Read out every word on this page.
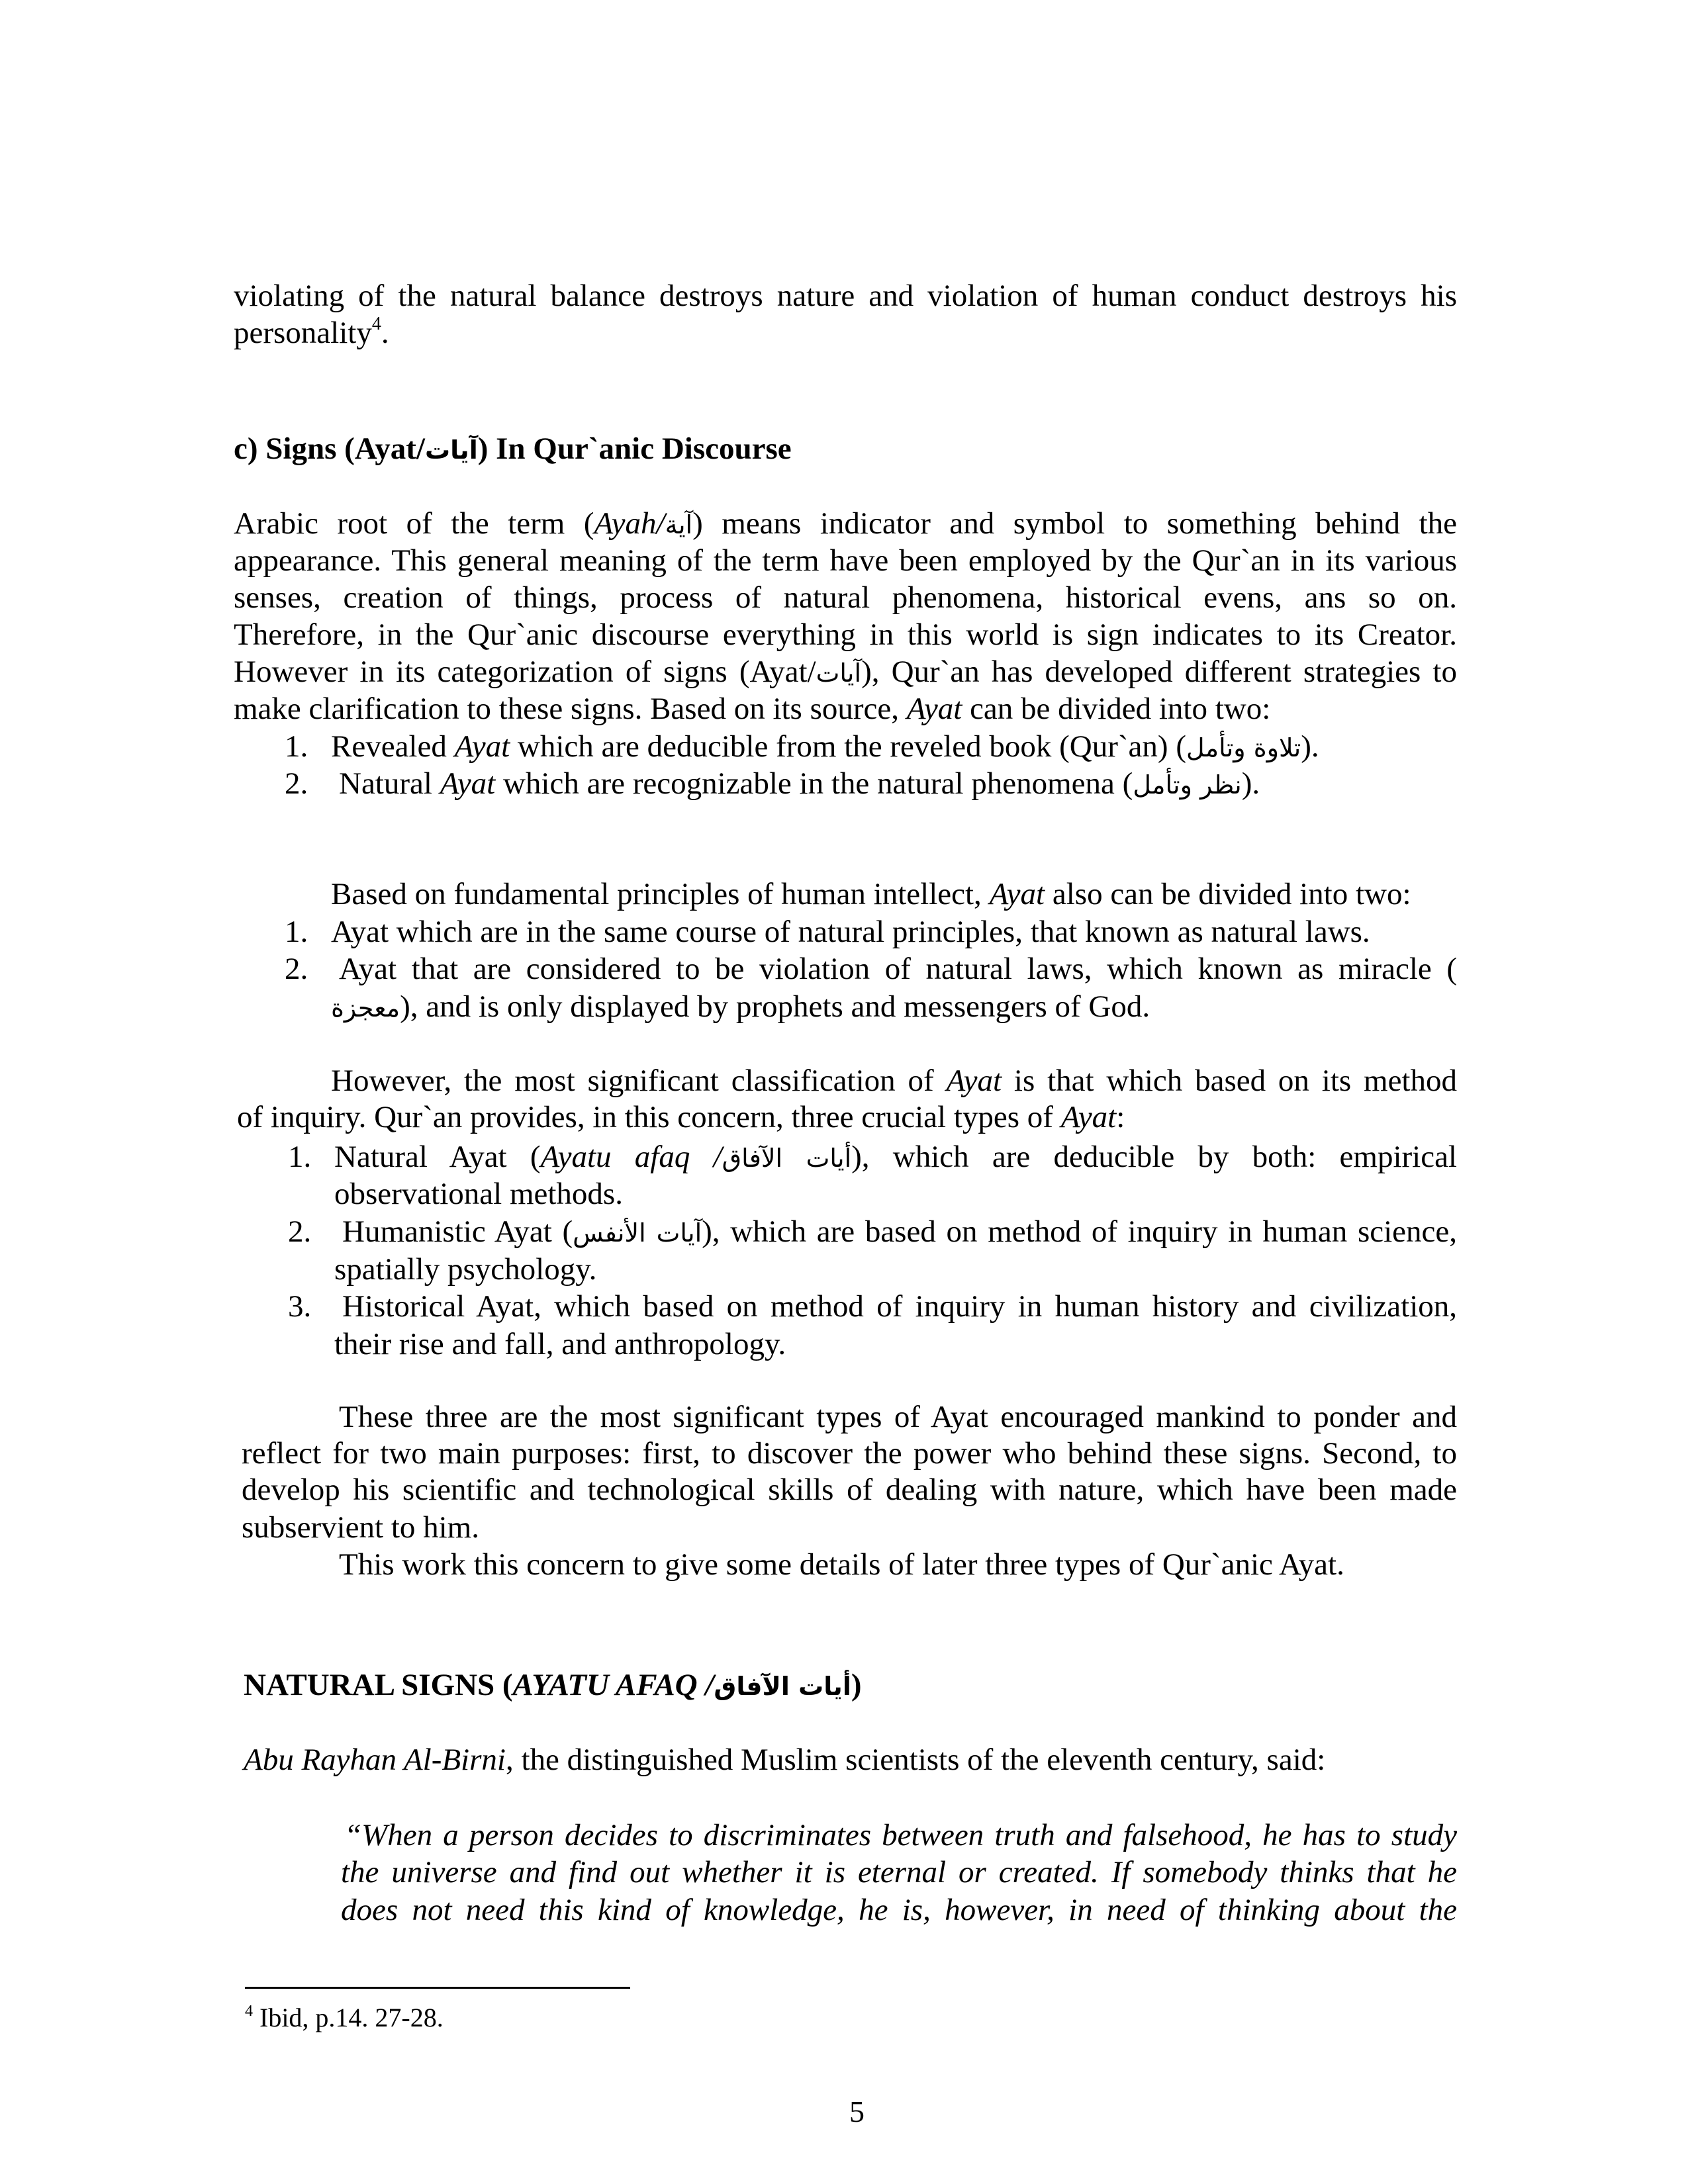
violating of the natural balance destroys nature and violation of human conduct destroys his
personality$^4$.
c) Signs (Ayat/آيات) In Qur`anic Discourse
Arabic root of the term (Ayah/آية) means indicator and symbol to something behind the
appearance. This general meaning of the term have been employed by the Qur`an in its various
senses, creation of things, process of natural phenomena, historical evens, ans so on.
Therefore, in the Qur`anic discourse everything in this world is sign indicates to its Creator.
However in its categorization of signs (Ayat/آيات), Qur`an has developed different strategies to
make clarification to these signs. Based on its source, Ayat can be divided into two:
1. Revealed Ayat which are deducible from the reveled book (Qur`an) (تلاوة وتأمل).
2. Natural Ayat which are recognizable in the natural phenomena (نظر وتأمل).
Based on fundamental principles of human intellect, Ayat also can be divided into two:
1. Ayat which are in the same course of natural principles, that known as natural laws.
2. Ayat that are considered to be violation of natural laws, which known as miracle (
معجزة), and is only displayed by prophets and messengers of God.
However, the most significant classification of Ayat is that which based on its method
of inquiry. Qur`an provides, in this concern, three crucial types of Ayat:
1. Natural Ayat (Ayatu afaq /أيات الآفاق), which are deducible by both: empirical
observational methods.
2. Humanistic Ayat (آيات الأنفس), which are based on method of inquiry in human science,
spatially psychology.
3. Historical Ayat, which based on method of inquiry in human history and civilization,
their rise and fall, and anthropology.
These three are the most significant types of Ayat encouraged mankind to ponder and
reflect for two main purposes: first, to discover the power who behind these signs. Second, to
develop his scientific and technological skills of dealing with nature, which have been made
subservient to him.
This work this concern to give some details of later three types of Qur`anic Ayat.
NATURAL SIGNS (AYATU AFAQ /أيات الآفاق)
Abu Rayhan Al-Birni, the distinguished Muslim scientists of the eleventh century, said:
“When a person decides to discriminates between truth and falsehood, he has to study
the universe and find out whether it is eternal or created. If somebody thinks that he
does not need this kind of knowledge, he is, however, in need of thinking about the
$^4$ Ibid, p.14. 27-28.
5
